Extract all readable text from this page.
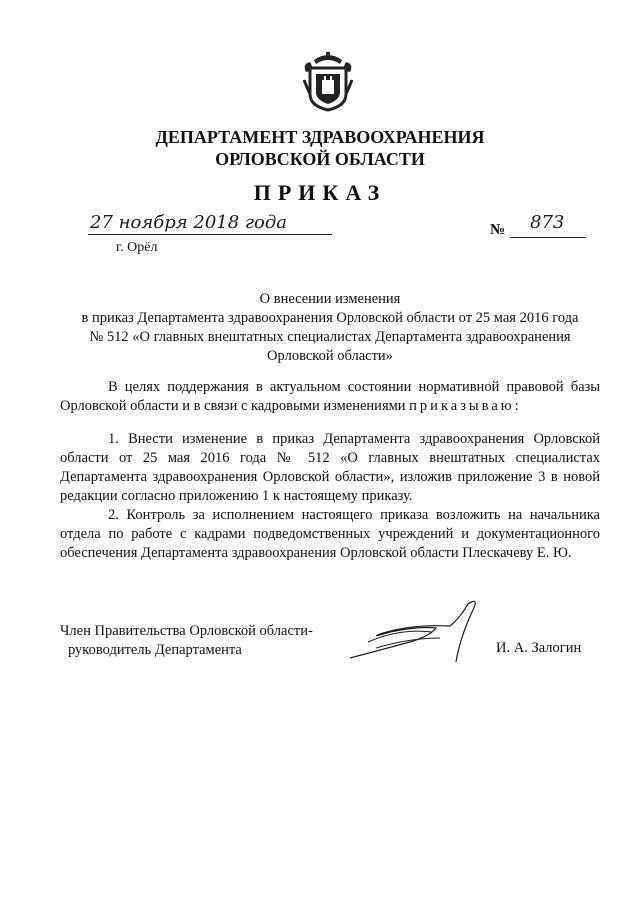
ДЕПАРТАМЕНТ ЗДРАВООХРАНЕНИЯ
ОРЛОВСКОЙ ОБЛАСТИ
ПРИКАЗ
27 ноября 2018 года
г. Орёл
№ 873
О внесении изменения
в приказ Департамента здравоохранения Орловской области от 25 мая 2016 года
№ 512 «О главных внештатных специалистах Департамента здравоохранения
Орловской области»
В целях поддержания в актуальном состоянии нормативной правовой базы Орловской области и в связи с кадровыми изменениями приказываю:
1. Внести изменение в приказ Департамента здравоохранения Орловской области от 25 мая 2016 года № 512 «О главных внештатных специалистах Департамента здравоохранения Орловской области», изложив приложение 3 в новой редакции согласно приложению 1 к настоящему приказу.
2. Контроль за исполнением настоящего приказа возложить на начальника отдела по работе с кадрами подведомственных учреждений и документационного обеспечения Департамента здравоохранения Орловской области Плескачеву Е. Ю.
Член Правительства Орловской области-
руководитель Департамента	И. А. Залогин
